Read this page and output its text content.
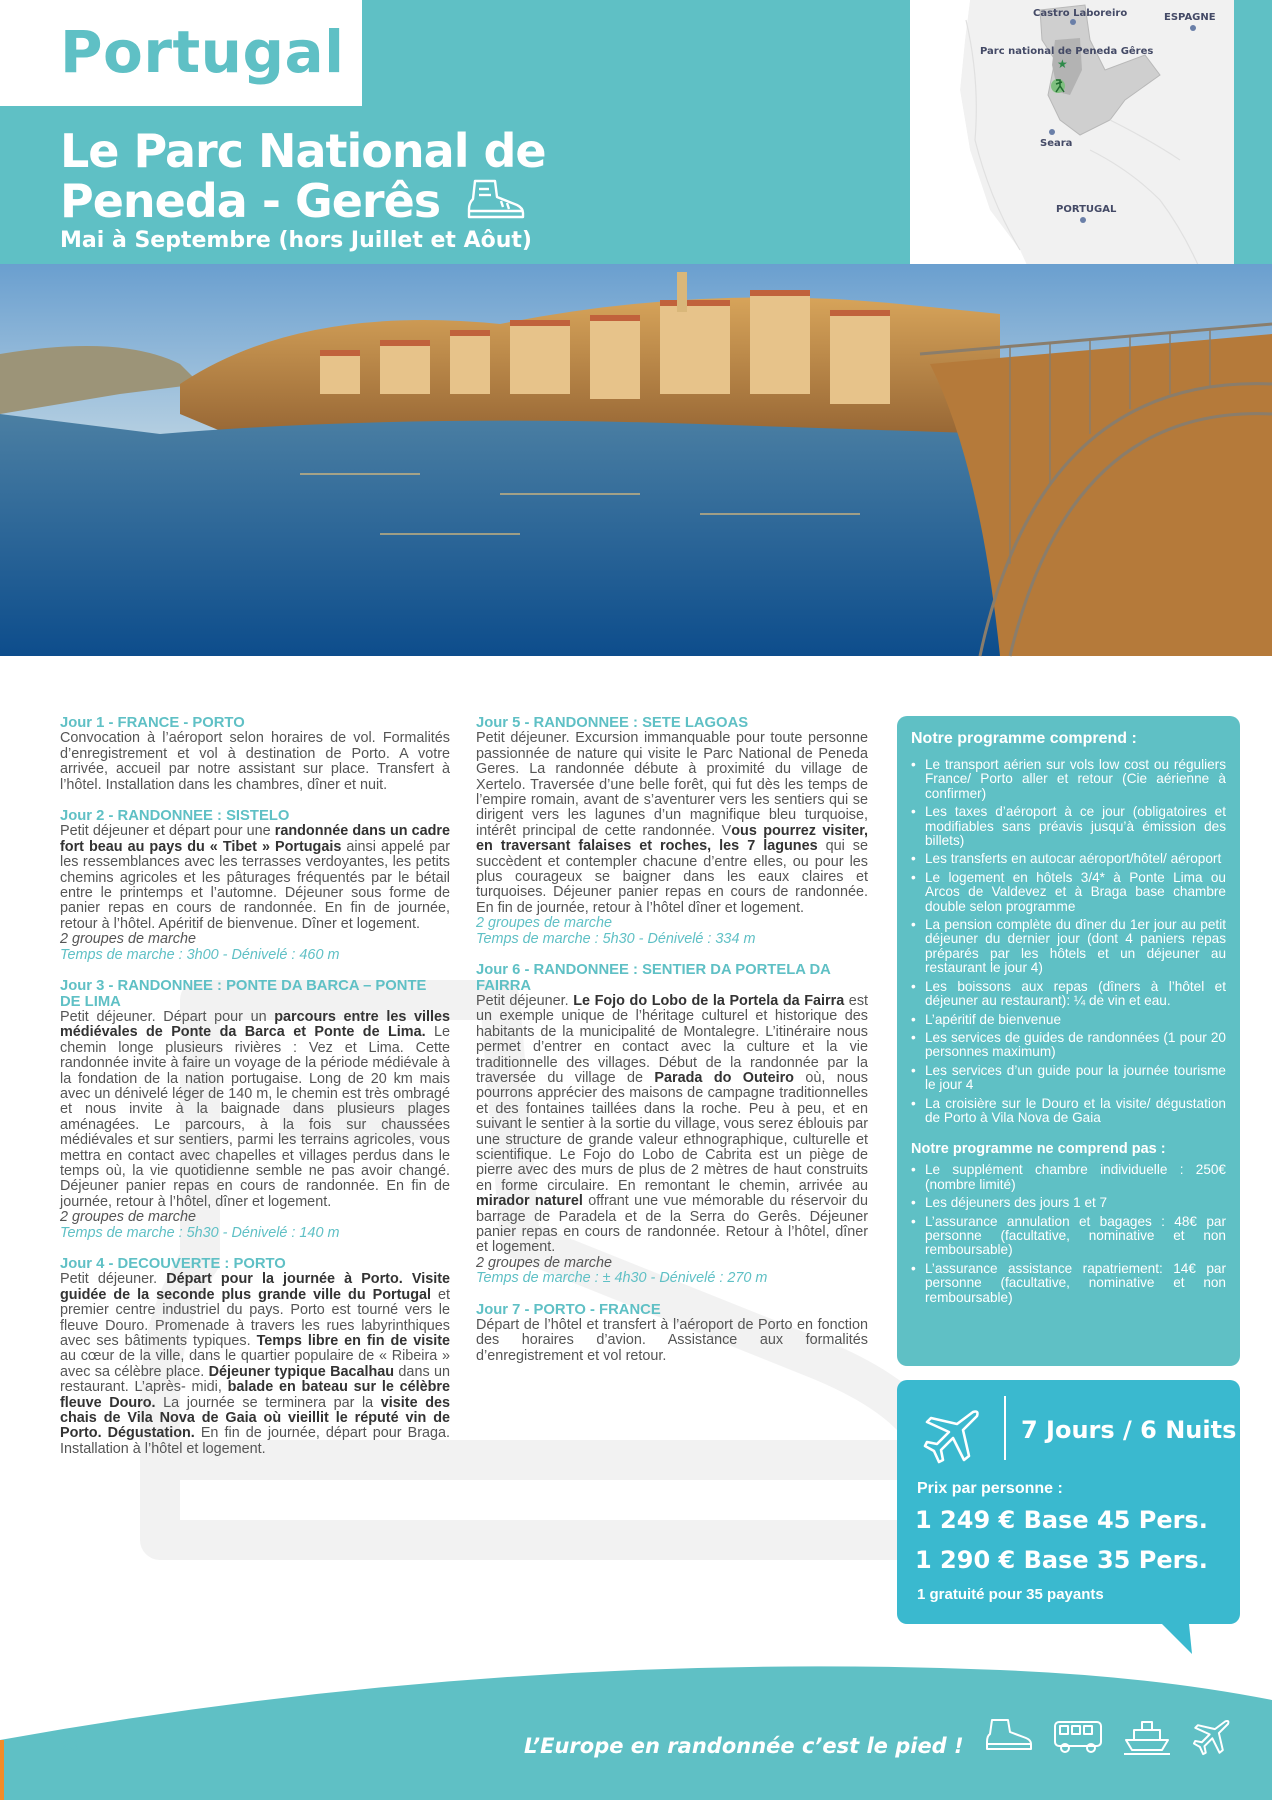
Portugal
Le Parc National de
Peneda - Gerês
Mai à Septembre (hors Juillet et Aôut)
★
Castro Laboreiro	ESPAGNE
Parc national de Peneda Gêres
Seara
PORTUGAL
Jour 1 - FRANCE - PORTO
Convocation à l’aéroport selon horaires de vol. Formalités d’enregistrement et vol à destination de Porto. A votre arrivée, accueil par notre assistant sur place. Transfert à l’hôtel. Installation dans les chambres, dîner et nuit.
Jour 2 - RANDONNEE : SISTELO
Petit déjeuner et départ pour une randonnée dans un cadre fort beau au pays du « Tibet » Portugais ainsi appelé par les ressemblances avec les terrasses verdoyantes, les petits chemins agricoles et les pâturages fréquentés par le bétail entre le printemps et l’automne. Déjeuner sous forme de panier repas en cours de randonnée. En fin de journée, retour à l’hôtel. Apéritif de bienvenue. Dîner et logement.
2 groupes de marche
Temps de marche : 3h00 - Dénivelé : 460 m
Jour 3 - RANDONNEE : PONTE DA BARCA – PONTE DE LIMA
Petit déjeuner. Départ pour un parcours entre les villes médiévales de Ponte da Barca et Ponte de Lima. Le chemin longe plusieurs rivières : Vez et Lima. Cette randonnée invite à faire un voyage de la période médiévale à la fondation de la nation portugaise. Long de 20 km mais avec un dénivelé léger de 140 m, le chemin est très ombragé et nous invite à la baignade dans plusieurs plages aménagées. Le parcours, à la fois sur chaussées médiévales et sur sentiers, parmi les terrains agricoles, vous mettra en contact avec chapelles et villages perdus dans le temps où, la vie quotidienne semble ne pas avoir changé. Déjeuner panier repas en cours de randonnée. En fin de journée, retour à l’hôtel, dîner et logement.
2 groupes de marche
Temps de marche : 5h30 - Dénivelé : 140 m
Jour 4 - DECOUVERTE : PORTO
Petit déjeuner. Départ pour la journée à Porto. Visite guidée de la seconde plus grande ville du Portugal et premier centre industriel du pays. Porto est tourné vers le fleuve Douro. Promenade à travers les rues labyrinthiques avec ses bâtiments typiques. Temps libre en fin de visite au cœur de la ville, dans le quartier populaire de « Ribeira » avec sa célèbre place. Déjeuner typique Bacalhau dans un restaurant. L’après- midi, balade en bateau sur le célèbre fleuve Douro. La journée se terminera par la visite des chais de Vila Nova de Gaia où vieillit le réputé vin de Porto. Dégustation. En fin de journée, départ pour Braga. Installation à l’hôtel et logement.
Jour 5 - RANDONNEE : SETE LAGOAS
Petit déjeuner. Excursion immanquable pour toute personne passionnée de nature qui visite le Parc National de Peneda Geres. La randonnée débute à proximité du village de Xertelo. Traversée d’une belle forêt, qui fut dès les temps de l’empire romain, avant de s’aventurer vers les sentiers qui se dirigent vers les lagunes d’un magnifique bleu turquoise, intérêt principal de cette randonnée. Vous pourrez visiter, en traversant falaises et roches, les 7 lagunes qui se succèdent et contempler chacune d’entre elles, ou pour les plus courageux se baigner dans les eaux claires et turquoises. Déjeuner panier repas en cours de randonnée. En fin de journée, retour à l’hôtel dîner et logement.
2 groupes de marche
Temps de marche : 5h30 - Dénivelé : 334 m
Jour 6 - RANDONNEE : SENTIER DA PORTELA DA FAIRRA
Petit déjeuner. Le Fojo do Lobo de la Portela da Fairra est un exemple unique de l’héritage culturel et historique des habitants de la municipalité de Montalegre. L’itinéraire nous permet d’entrer en contact avec la culture et la vie traditionnelle des villages. Début de la randonnée par la traversée du village de Parada do Outeiro où, nous pourrons apprécier des maisons de campagne traditionnelles et des fontaines taillées dans la roche. Peu à peu, et en suivant le sentier à la sortie du village, vous serez éblouis par une structure de grande valeur ethnographique, culturelle et scientifique. Le Fojo do Lobo de Cabrita est un piège de pierre avec des murs de plus de 2 mètres de haut construits en forme circulaire. En remontant le chemin, arrivée au mirador naturel offrant une vue mémorable du réservoir du barrage de Paradela et de la Serra do Gerês. Déjeuner panier repas en cours de randonnée. Retour à l’hôtel, dîner et logement.
2 groupes de marche
Temps de marche : ± 4h30 - Dénivelé : 270 m
Jour 7 - PORTO - FRANCE
Départ de l’hôtel et transfert à l’aéroport de Porto en fonction des horaires d’avion. Assistance aux formalités d’enregistrement et vol retour.
Notre programme comprend :
• Le transport aérien sur vols low cost ou réguliers France/ Porto aller et retour (Cie aérienne à confirmer)
• Les taxes d’aéroport à ce jour (obligatoires et modifiables sans préavis jusqu’à émission des billets)
• Les transferts en autocar aéroport/hôtel/ aéroport
• Le logement en hôtels 3/4* à Ponte Lima ou Arcos de Valdevez et à Braga base chambre double selon programme
• La pension complète du dîner du 1er jour au petit déjeuner du dernier jour (dont 4 paniers repas préparés par les hôtels et un déjeuner au restaurant le jour 4)
• Les boissons aux repas (dîners à l’hôtel et déjeuner au restaurant): ¼ de vin et eau.
• L’apéritif de bienvenue
• Les services de guides de randonnées (1 pour 20 personnes maximum)
• Les services d’un guide pour la journée tourisme le jour 4
• La croisière sur le Douro et la visite/ dégustation de Porto à Vila Nova de Gaia
Notre programme ne comprend pas :
• Le supplément chambre individuelle : 250€ (nombre limité)
• Les déjeuners des jours 1 et 7
• L’assurance annulation et bagages : 48€ par personne (facultative, nominative et non remboursable)
• L’assurance assistance rapatriement: 14€ par personne (facultative, nominative et non remboursable)
7 Jours / 6 Nuits
Prix par personne :
1 249 € Base 45 Pers.
1 290 € Base 35 Pers.
1 gratuité pour 35 payants
23	L’Europe en randonnée c’est le pied !
